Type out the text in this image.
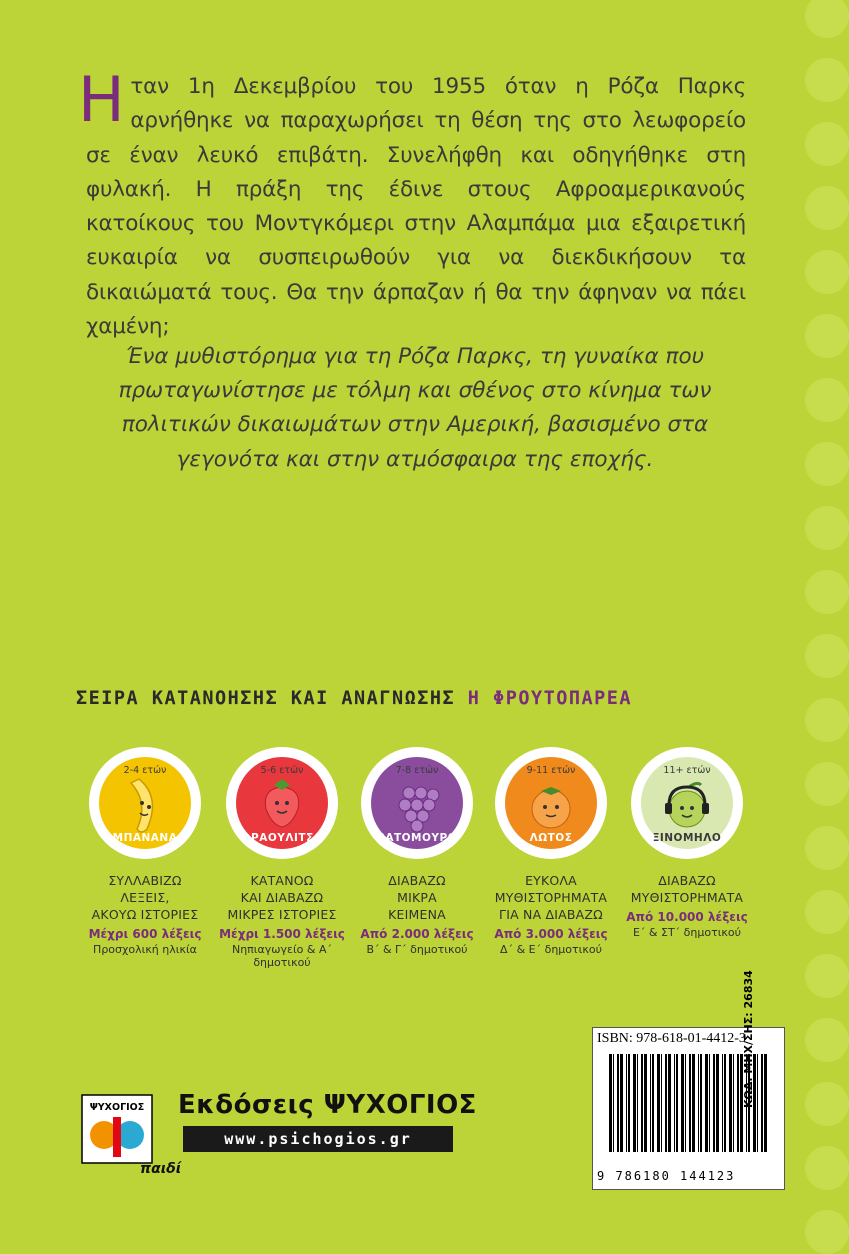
Ηταν 1η Δεκεμβρίου του 1955 όταν η Ρόζα Παρκς αρνήθηκε να παραχωρήσει τη θέση της στο λεωφορείο σε έναν λευκό επιβάτη. Συνελήφθη και οδηγήθηκε στη φυλακή. Η πράξη της έδινε στους Αφροαμερικανούς κατοίκους του Μοντγκόμερι στην Αλαμπάμα μια εξαιρετική ευκαιρία να συσπειρωθούν για να διεκδικήσουν τα δικαιώματά τους. Θα την άρπαζαν ή θα την άφηναν να πάει χαμένη;
Ένα μυθιστόρημα για τη Ρόζα Παρκς, τη γυναίκα που πρωταγωνίστησε με τόλμη και σθένος στο κίνημα των πολιτικών δικαιωμάτων στην Αμερική, βασισμένο στα γεγονότα και στην ατμόσφαιρα της εποχής.
ΣΕΙΡΑ ΚΑΤΑΝΟΗΣΗΣ ΚΑΙ ΑΝΑΓΝΩΣΗΣ Η ΦΡΟΥΤΟΠΑΡΕΑ
2-4 ετών
ΜΠΑΝΑΝΑ
5-6 ετών
ΦΡΑΟΥΛΙΤΣΑ
7-8 ετών
ΒΑΤΟΜΟΥΡΟ
9-11 ετών
ΛΩΤΟΣ
11+ ετών
ΞΙΝΟΜΗΛΟ
ΣΥΛΛΑΒΙΖΩ
ΛΕΞΕΙΣ,
ΑΚΟΥΩ ΙΣΤΟΡΙΕΣ
Μέχρι 600 λέξεις
Προσχολική ηλικία
ΚΑΤΑΝΟΩ
ΚΑΙ ΔΙΑΒΑΖΩ
ΜΙΚΡΕΣ ΙΣΤΟΡΙΕΣ
Μέχρι 1.500 λέξεις
Νηπιαγωγείο & Α΄ δημοτικού
ΔΙΑΒΑΖΩ
ΜΙΚΡΑ
ΚΕΙΜΕΝΑ
Από 2.000 λέξεις
Β΄ & Γ΄ δημοτικού
ΕΥΚΟΛΑ
ΜΥΘΙΣΤΟΡΗΜΑΤΑ
ΓΙΑ ΝΑ ΔΙΑΒΑΖΩ
Από 3.000 λέξεις
Δ΄ & Ε΄ δημοτικού
ΔΙΑΒΑΖΩ
ΜΥΘΙΣΤΟΡΗΜΑΤΑ
Από 10.000 λέξεις
Ε΄ & ΣΤ΄ δημοτικού
ISBN: 978-618-01-4412-3
9 786180 144123
ΚΩΔ. ΜΗΧ/ΣΗΣ: 26834
ΨΥΧΟΓΙΟΣ
παιδί
Εκδόσεις ΨΥΧΟΓΙΟΣ
www.psichogios.gr
